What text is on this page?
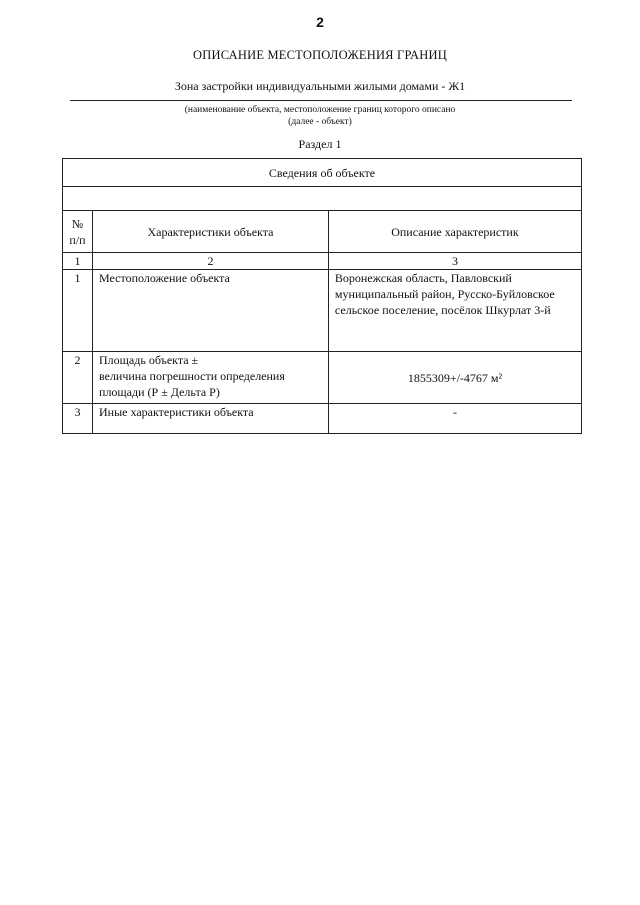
2
ОПИСАНИЕ МЕСТОПОЛОЖЕНИЯ ГРАНИЦ
Зона застройки индивидуальными жилыми домами - Ж1
(наименование объекта, местоположение границ которого описано
(далее - объект)
Раздел 1
Сведения об объекте		

№
п/п	Характеристики объекта	Описание характеристик
1	2	3
1	Местоположение объекта	Воронежская область, Павловский муниципальный район, Русско-Буйловское сельское поселение, посёлок Шкурлат 3-й
2	Площадь объекта ±
величина погрешности определения площади (Р ± Дельта Р)	1855309+/-4767 м²
3	Иные характеристики объекта	-
